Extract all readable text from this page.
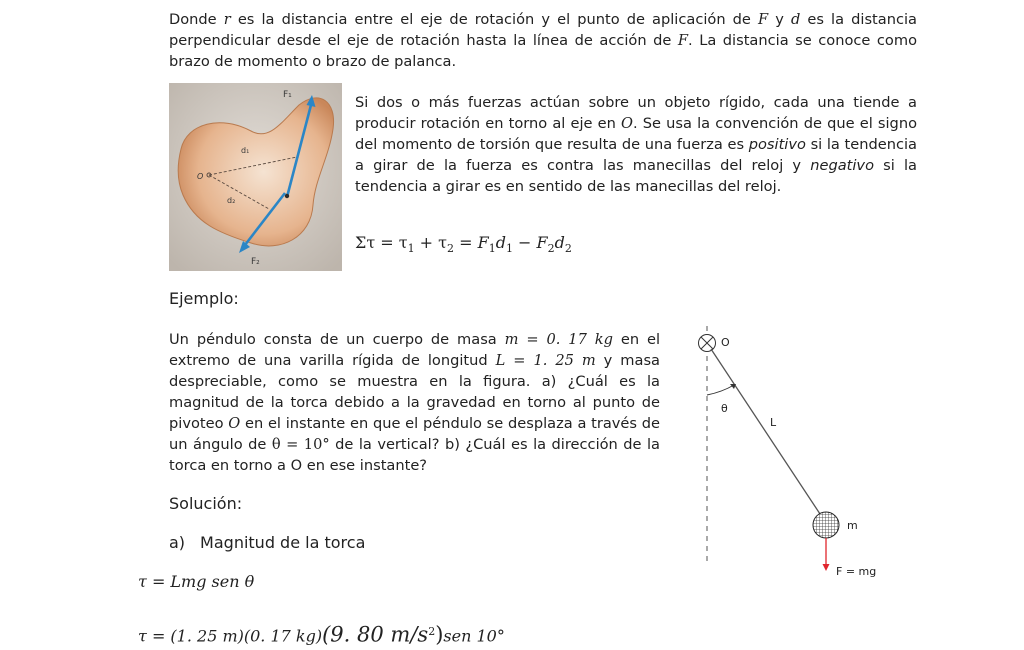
Donde r es la distancia entre el eje de rotación y el punto de aplicación de F y d es la distancia perpendicular desde el eje de rotación hasta la línea de acción de F. La distancia se conoce como brazo de momento o brazo de palanca.

F₁
F₂
d₁
d₂
O

Si dos o más fuerzas actúan sobre un objeto rígido, cada una tiende a producir rotación en torno al eje en O. Se usa la convención de que el signo del momento de torsión que resulta de una fuerza es positivo si la tendencia a girar de la fuerza es contra las manecillas del reloj y negativo si la tendencia a girar es en sentido de las manecillas del reloj.

$\Sigma\tau = \tau_1 + \tau_2 = F_1d_1 - F_2d_2$
Ejemplo:

Un péndulo consta de un cuerpo de masa m = 0. 17 kg en el extremo de una varilla rígida de longitud L = 1. 25 m y masa despreciable, como se muestra en la figura. a) ¿Cuál es la magnitud de la torca debido a la gravedad en torno al punto de pivoteo O en el instante en que el péndulo se desplaza a través de un ángulo de θ = 10° de la vertical? b) ¿Cuál es la dirección de la torca en torno a O en ese instante?

O
θ
L
m
F = mg
Solución:
a) Magnitud de la torca
τ = Lmg sen θ
τ = (1. 25 m)(0. 17 kg)(9. 80 $m/s^2)sen$ 10°
